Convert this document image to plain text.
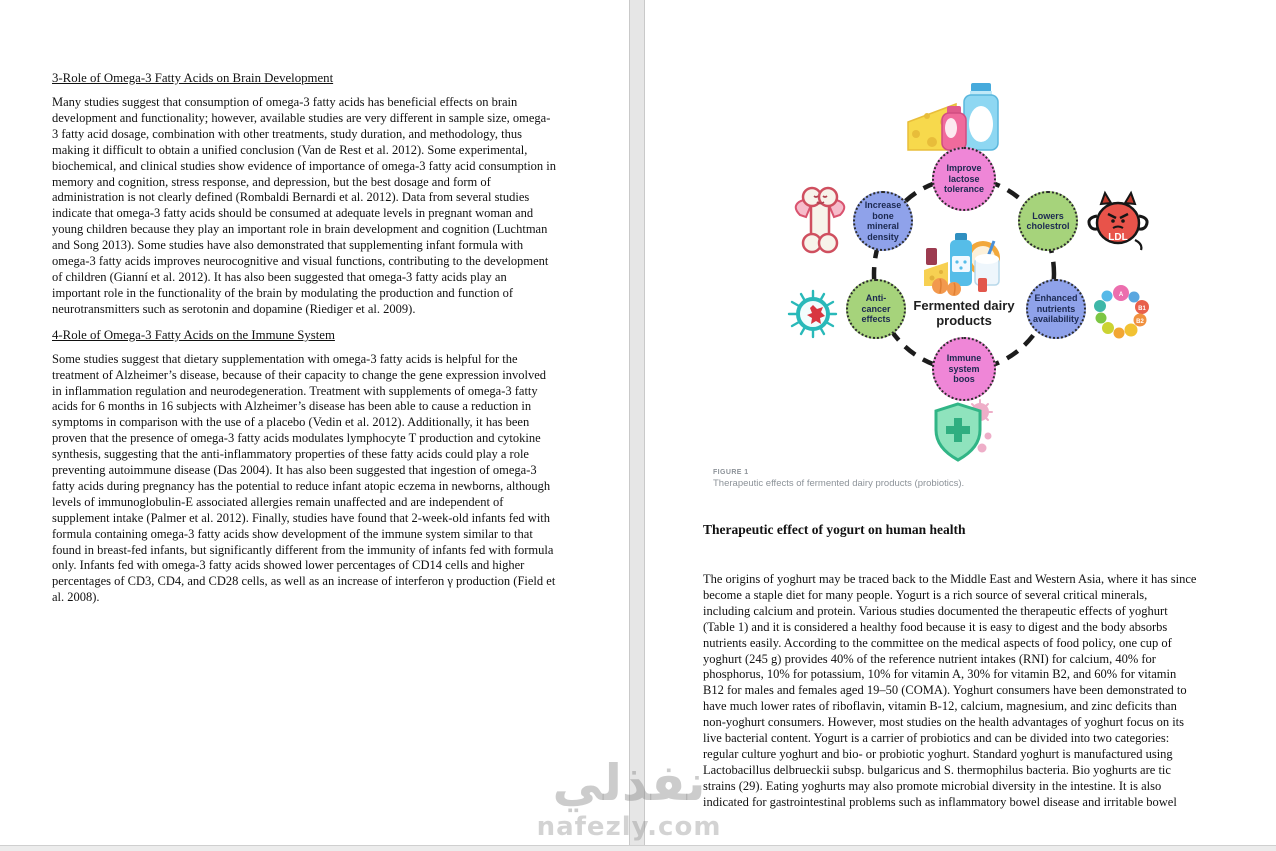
3-Role of Omega-3 Fatty Acids on Brain Development

Many studies suggest that consumption of omega-3 fatty acids has beneficial effects on brain development and functionality; however, available studies are very different in sample size, omega-3 fatty acid dosage, combination with other treatments, study duration, and methodology, thus making it difficult to obtain a unified conclusion (Van de Rest et al. 2012). Some experimental, biochemical, and clinical studies show evidence of importance of omega-3 fatty acid consumption in memory and cognition, stress response, and depression, but the best dosage and form of administration is not clearly defined (Rombaldi Bernardi et al. 2012). Data from several studies indicate that omega-3 fatty acids should be consumed at adequate levels in pregnant woman and young children because they play an important role in brain development and cognition (Luchtman and Song 2013). Some studies have also demonstrated that supplementing infant formula with omega-3 fatty acids improves neurocognitive and visual functions, contributing to the development of children (Gianní et al. 2012). It has also been suggested that omega-3 fatty acids play an important role in the functionality of the brain by modulating the production and function of neurotransmitters such as serotonin and dopamine (Riediger et al. 2009).

4-Role of Omega-3 Fatty Acids on the Immune System

Some studies suggest that dietary supplementation with omega-3 fatty acids is helpful for the treatment of Alzheimer’s disease, because of their capacity to change the gene expression involved in inflammation regulation and neurodegeneration. Treatment with supplements of omega-3 fatty acids for 6 months in 16 subjects with Alzheimer’s disease has been able to cause a reduction in symptoms in comparison with the use of a placebo (Vedin et al. 2012). Additionally, it has been proven that the presence of omega-3 fatty acids modulates lymphocyte T production and cytokine synthesis, suggesting that the anti-inflammatory properties of these fatty acids could play a role preventing autoimmune disease (Das 2004). It has also been suggested that ingestion of omega-3 fatty acids during pregnancy has the potential to reduce infant atopic eczema in newborns, although levels of immunoglobulin-E associated allergies remain unaffected and are independent of supplement intake (Palmer et al. 2012). Finally, studies have found that 2-week-old infants fed with formula containing omega-3 fatty acids show development of the immune system similar to that found in breast-fed infants, but significantly different from the immunity of infants fed with formula only. Infants fed with omega-3 fatty acids showed lower percentages of CD14 cells and higher percentages of CD3, CD4, and CD28 cells, as well as an increase of interferon γ production (Field et al. 2008).

LDL
A
B1
B2
Improve lactose tolerance
Increase bone mineral density
Lowers cholestrol
Anti-cancer effects
Enhanced nutrients availability
Immune system boos
Fermented dairy products
FIGURE 1
Therapeutic effects of fermented dairy products (probiotics).
Therapeutic effect of yogurt on human health

The origins of yoghurt may be traced back to the Middle East and Western Asia, where it has since become a staple diet for many people. Yogurt is a rich source of several critical minerals, including calcium and protein. Various studies documented the therapeutic effects of yoghurt (Table 1) and it is considered a healthy food because it is easy to digest and the body absorbs nutrients easily. According to the committee on the medical aspects of food policy, one cup of yoghurt (245 g) provides 40% of the reference nutrient intakes (RNI) for calcium, 40% for phosphorus, 10% for potassium, 10% for vitamin A, 30% for vitamin B2, and 60% for vitamin B12 for males and females aged 19–50 (COMA). Yoghurt consumers have been demonstrated to have much lower rates of riboflavin, vitamin B-12, calcium, magnesium, and zinc deficits than non-yoghurt consumers. However, most studies on the health advantages of yoghurt focus on its live bacterial content. Yogurt is a carrier of probiotics and can be divided into two categories: regular culture yoghurt and bio- or probiotic yoghurt. Standard yoghurt is manufactured using Lactobacillus delbrueckii subsp. bulgaricus and S. thermophilus bacteria. Bio yoghurts are tic strains (29). Eating yoghurts may also promote microbial diversity in the intestine. It is also indicated for gastrointestinal problems such as inflammatory bowel disease and irritable bowel

نفذلي
nafezly.com
